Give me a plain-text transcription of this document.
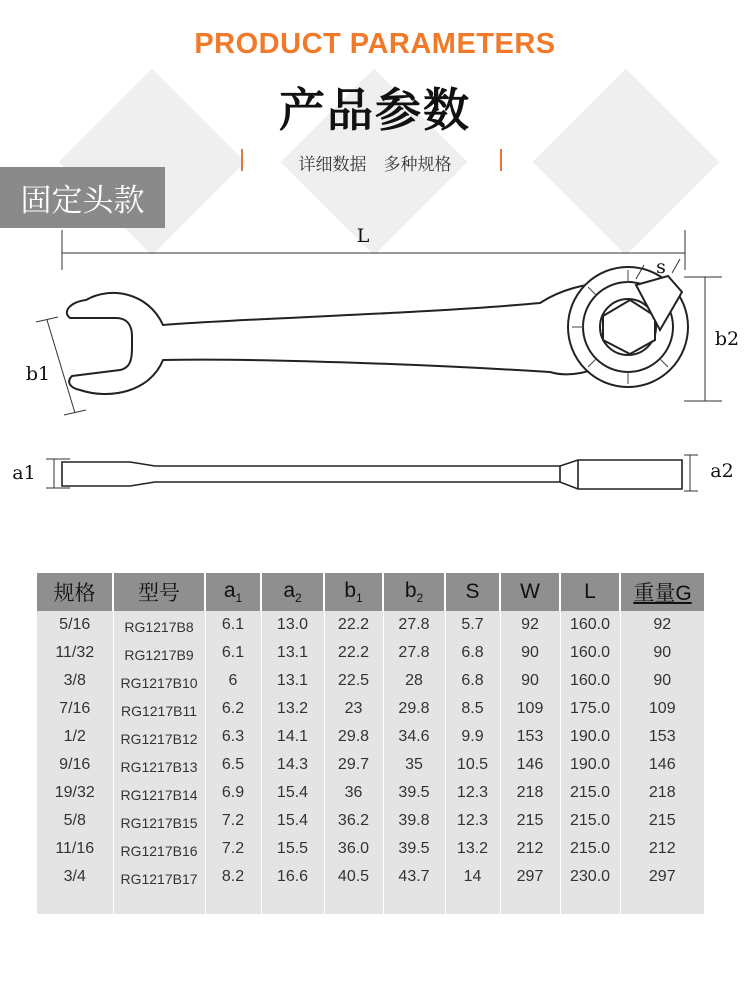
PRODUCT PARAMETERS
产品参数
详细数据　多种规格
固定头款
L
s
b1
b2
a1	a2
规格	型号	$a_1$	$a_2$	$b_1$	$b_2$	S	W	L	重量G
5/16	RG1217B8	6.1	13.0	22.2	27.8	5.7	92	160.0	92
11/32	RG1217B9	6.1	13.1	22.2	27.8	6.8	90	160.0	90
3/8	RG1217B10	6	13.1	22.5	28	6.8	90	160.0	90
7/16	RG1217B11	6.2	13.2	23	29.8	8.5	109	175.0	109
1/2	RG1217B12	6.3	14.1	29.8	34.6	9.9	153	190.0	153
9/16	RG1217B13	6.5	14.3	29.7	35	10.5	146	190.0	146
19/32	RG1217B14	6.9	15.4	36	39.5	12.3	218	215.0	218
5/8	RG1217B15	7.2	15.4	36.2	39.8	12.3	215	215.0	215
11/16	RG1217B16	7.2	15.5	36.0	39.5	13.2	212	215.0	212
3/4	RG1217B17	8.2	16.6	40.5	43.7	14	297	230.0	297
